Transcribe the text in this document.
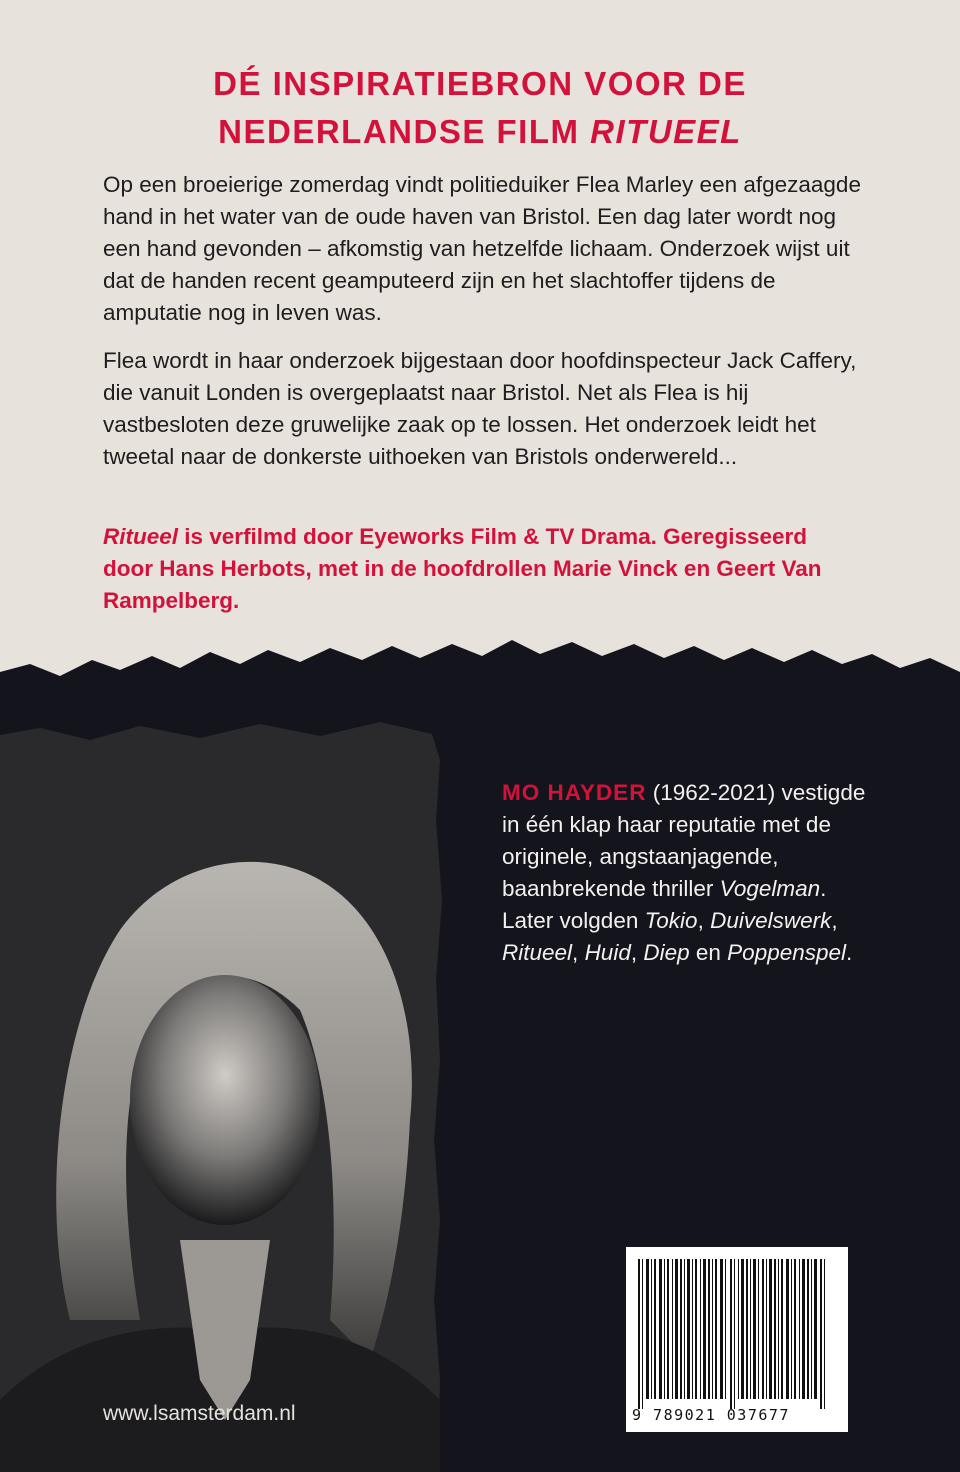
DÉ INSPIRATIEBRON VOOR DE
NEDERLANDSE FILM RITUEEL

Op een broeierige zomerdag vindt politieduiker Flea Marley een afgezaagde hand in het water van de oude haven van Bristol. Een dag later wordt nog een hand gevonden – afkomstig van hetzelfde lichaam. Onderzoek wijst uit dat de handen recent geamputeerd zijn en het slachtoffer tijdens de amputatie nog in leven was.

Flea wordt in haar onderzoek bijgestaan door hoofdinspecteur Jack Caffery, die vanuit Londen is overgeplaatst naar Bristol. Net als Flea is hij vastbesloten deze gruwelijke zaak op te lossen. Het onderzoek leidt het tweetal naar de donkerste uithoeken van Bristols onderwereld...

Ritueel is verfilmd door Eyeworks Film & TV Drama. Geregisseerd door Hans Herbots, met in de hoofdrollen Marie Vinck en Geert Van Rampelberg.

MO HAYDER (1962-2021) vestigde in één klap haar reputatie met de originele, angstaanjagende, baanbrekende thriller Vogelman. Later volgden Tokio, Duivelswerk, Ritueel, Huid, Diep en Poppenspel.

www.lsamsterdam.nl	9 789021 037677
